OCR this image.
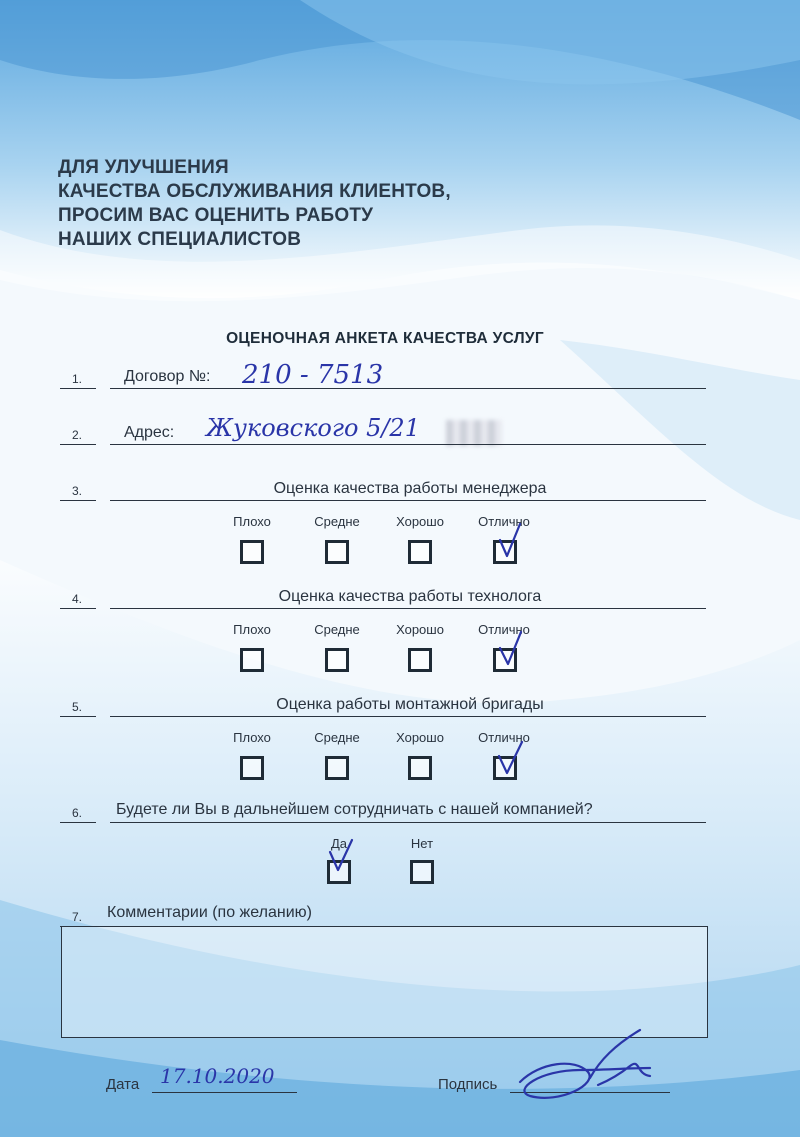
ДЛЯ УЛУЧШЕНИЯ
КАЧЕСТВА ОБСЛУЖИВАНИЯ КЛИЕНТОВ,
ПРОСИМ ВАС ОЦЕНИТЬ РАБОТУ
НАШИХ СПЕЦИАЛИСТОВ
ОЦЕНОЧНАЯ АНКЕТА КАЧЕСТВА УСЛУГ
1.	Договор №: 210 - 7513
2.	Адрес: Жуковского 5/21
3.	Оценка качества работы менеджера
Плохо	Средне	Хорошо	Отлично
4.	Оценка качества работы технолога
Плохо	Средне	Хорошо	Отлично
5.	Оценка работы монтажной бригады
Плохо	Средне	Хорошо	Отлично
6. Будете ли Вы в дальнейшем сотрудничать с нашей компанией?
Да	Нет
7. Комментарии (по желанию)
Дата 17.10.2020	Подпись
